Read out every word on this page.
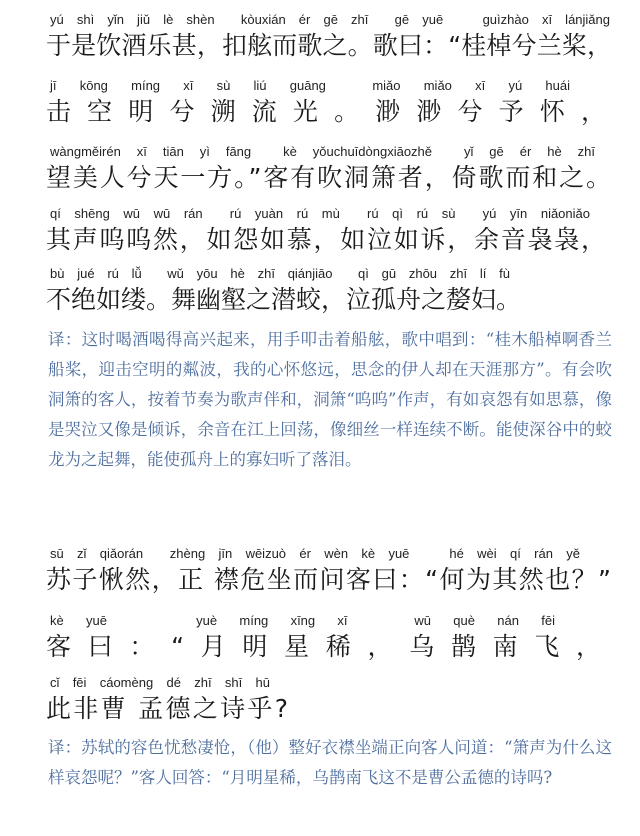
yú shì yǐn jiǔ lè shèn  kòuxián ér gē zhī  gē yuē   guìzhào xī lánjiǎng
于是饮酒乐甚，扣舷而歌之。歌曰：“桂棹兮兰桨，
jī kōng míng xī sù liú guāng  miǎo miǎo xī yú huái
击空明兮溯流光。渺渺兮予怀，
wàngměirén xī tiān yì fāng  kè yǒuchuīdòngxiāozhě  yǐ gē ér hè zhī
望美人兮天一方。”客有吹洞箫者，倚歌而和之。
qí shēng wū wū rán  rú yuàn rú mù  rú qì rú sù  yú yīn niǎoniǎo
其声呜呜然，如怨如慕，如泣如诉，余音袅袅，
bù jué rú lǚ  wǔ yōu hè zhī qiánjiāo  qì gū zhōu zhī lí fù
不绝如缕。舞幽壑之潜蛟，泣孤舟之嫠妇。
译：这时喝酒喝得高兴起来，用手叩击着船舷，歌中唱到：“桂木船棹啊香兰船桨，迎击空明的粼波，我的心怀悠远，思念的伊人却在天涯那方”。有会吹洞箫的客人，按着节奏为歌声伴和，洞箫“呜呜”作声，有如哀怨有如思慕，像是哭泣又像是倾诉，余音在江上回荡，像细丝一样连续不断。能使深谷中的蛟龙为之起舞，能使孤舟上的寡妇听了落泪。
sū zǐ qiǎorán  zhèng jīn wēizuò ér wèn kè yuē   hé wèi qí rán yě
苏子愀然，正 襟危坐而问客曰：“何为其然也？”
kè yuē    yuè míng xīng xī   wū què nán fēi
客曰：“月明星稀，乌鹊南飞，
cǐ fēi cáomèng dé zhī shī hū
此非曹 孟德之诗乎?
译：苏轼的容色忧愁凄怆，（他）整好衣襟坐端正向客人问道：“箫声为什么这样哀怨呢？”客人回答：“月明星稀，乌鹊南飞这不是曹公孟德的诗吗?
